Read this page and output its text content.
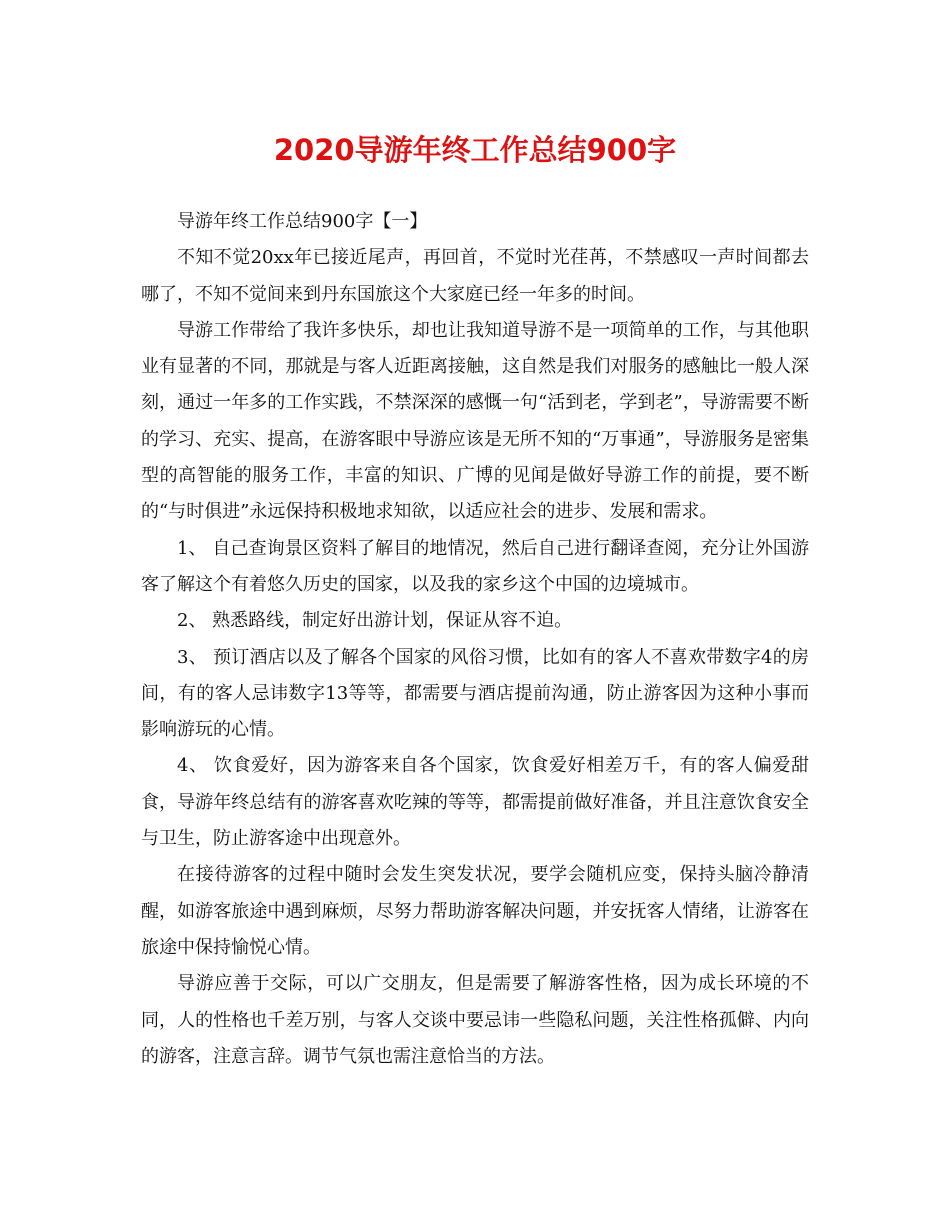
2020导游年终工作总结900字

导游年终工作总结900字【一】

不知不觉20xx年已接近尾声，再回首，不觉时光荏苒，不禁感叹一声时间都去哪了，不知不觉间来到丹东国旅这个大家庭已经一年多的时间。

导游工作带给了我许多快乐，却也让我知道导游不是一项简单的工作，与其他职业有显著的不同，那就是与客人近距离接触，这自然是我们对服务的感触比一般人深刻，通过一年多的工作实践，不禁深深的感慨一句“活到老，学到老”，导游需要不断的学习、充实、提高，在游客眼中导游应该是无所不知的“万事通”，导游服务是密集型的高智能的服务工作，丰富的知识、广博的见闻是做好导游工作的前提，要不断的“与时俱进”永远保持积极地求知欲，以适应社会的进步、发展和需求。

1、 自己查询景区资料了解目的地情况，然后自己进行翻译查阅，充分让外国游客了解这个有着悠久历史的国家，以及我的家乡这个中国的边境城市。

2、 熟悉路线，制定好出游计划，保证从容不迫。

3、 预订酒店以及了解各个国家的风俗习惯，比如有的客人不喜欢带数字4的房间，有的客人忌讳数字13等等，都需要与酒店提前沟通，防止游客因为这种小事而影响游玩的心情。

4、 饮食爱好，因为游客来自各个国家，饮食爱好相差万千，有的客人偏爱甜食，导游年终总结有的游客喜欢吃辣的等等，都需提前做好准备，并且注意饮食安全与卫生，防止游客途中出现意外。

在接待游客的过程中随时会发生突发状况，要学会随机应变，保持头脑冷静清醒，如游客旅途中遇到麻烦，尽努力帮助游客解决问题，并安抚客人情绪，让游客在旅途中保持愉悦心情。

导游应善于交际，可以广交朋友，但是需要了解游客性格，因为成长环境的不同，人的性格也千差万别，与客人交谈中要忌讳一些隐私问题，关注性格孤僻、内向的游客，注意言辞。调节气氛也需注意恰当的方法。
